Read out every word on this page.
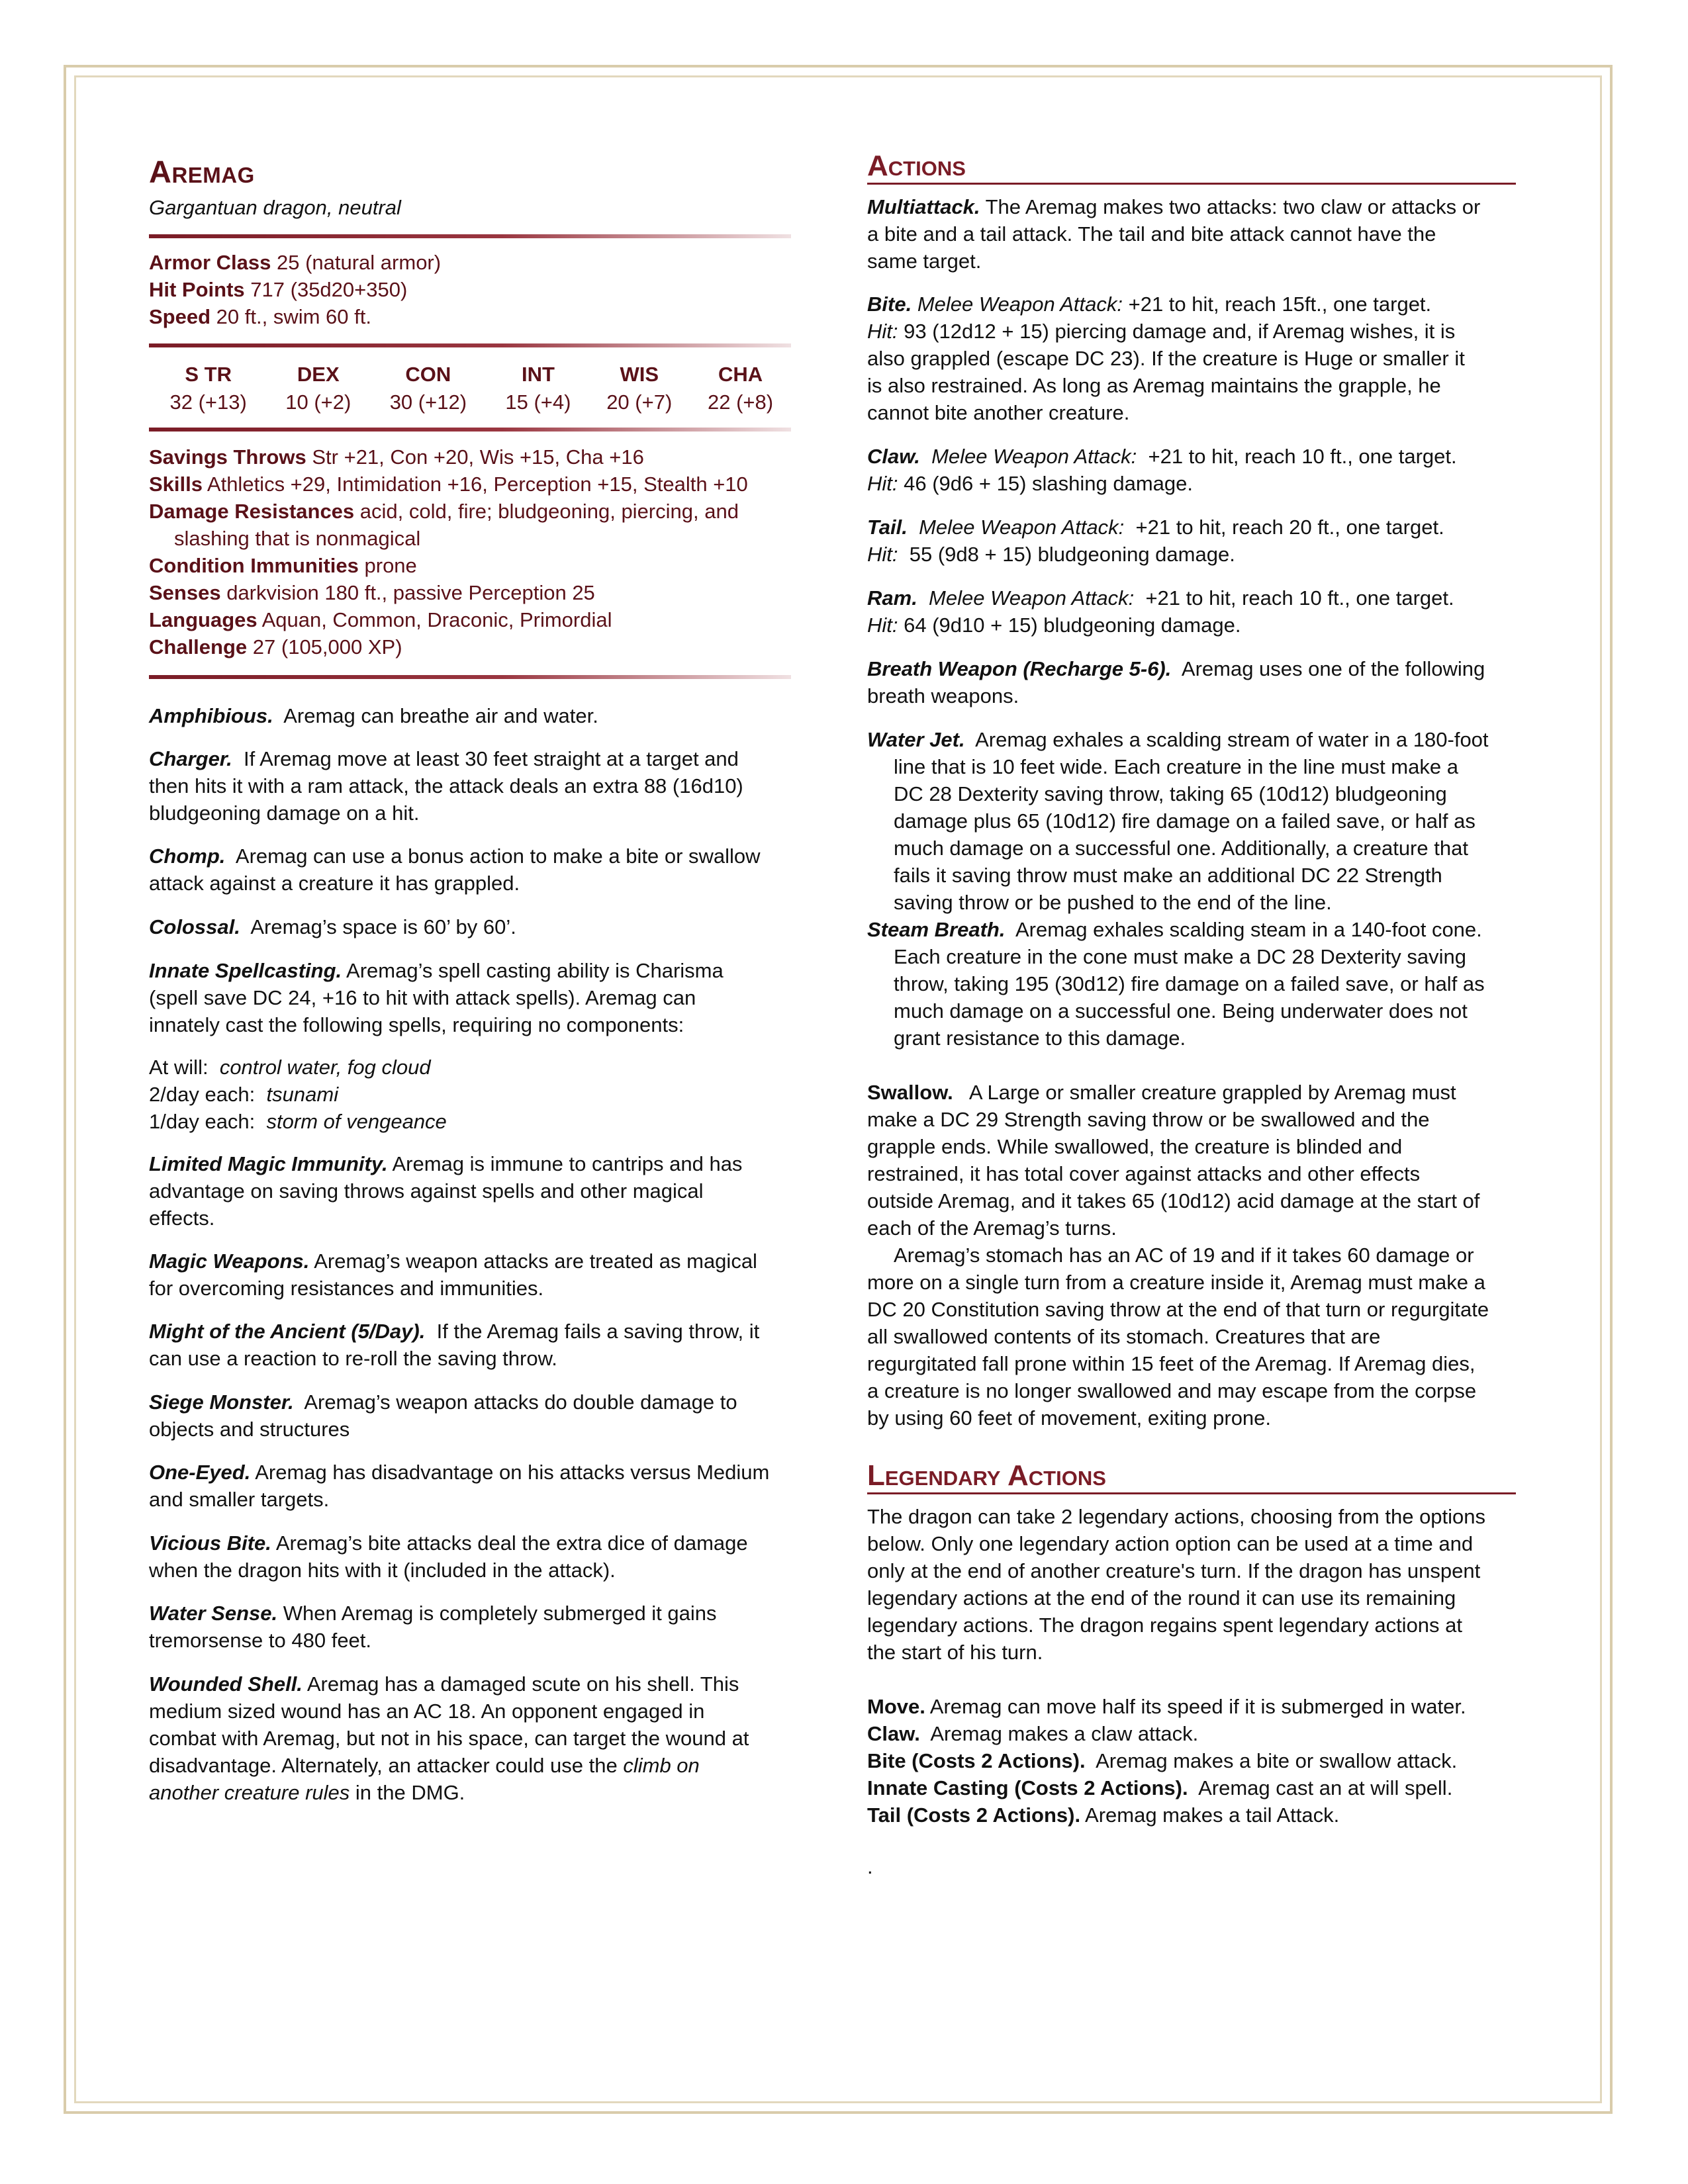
Aremag
Gargantuan dragon, neutral

Armor Class 25 (natural armor)

Hit Points 717 (35d20+350)

Speed 20 ft., swim 60 ft.

S TR	DEX	CON	INT	WIS	CHA
32 (+13)	10 (+2)	30 (+12)	15 (+4)	20 (+7)	22 (+8)

Savings Throws Str +21, Con +20, Wis +15, Cha +16

Skills Athletics +29, Intimidation +16, Perception +15, Stealth +10

Damage Resistances acid, cold, fire; bludgeoning, piercing, and

slashing that is nonmagical

Condition Immunities prone

Senses darkvision 180 ft., passive Perception 25

Languages Aquan, Common, Draconic, Primordial

Challenge 27 (105,000 XP)

Amphibious. Aremag can breathe air and water.

Charger. If Aremag move at least 30 feet straight at a target and

then hits it with a ram attack, the attack deals an extra 88 (16d10)

bludgeoning damage on a hit.

Chomp. Aremag can use a bonus action to make a bite or swallow

attack against a creature it has grappled.

Colossal. Aremag’s space is 60’ by 60’.

Innate Spellcasting. Aremag’s spell casting ability is Charisma

(spell save DC 24, +16 to hit with attack spells). Aremag can

innately cast the following spells, requiring no components:

At will: control water, fog cloud

2/day each: tsunami

1/day each: storm of vengeance

Limited Magic Immunity. Aremag is immune to cantrips and has

advantage on saving throws against spells and other magical

effects.

Magic Weapons. Aremag’s weapon attacks are treated as magical

for overcoming resistances and immunities.

Might of the Ancient (5/Day). If the Aremag fails a saving throw, it

can use a reaction to re-roll the saving throw.

Siege Monster. Aremag’s weapon attacks do double damage to

objects and structures

One-Eyed. Aremag has disadvantage on his attacks versus Medium

and smaller targets.

Vicious Bite. Aremag’s bite attacks deal the extra dice of damage

when the dragon hits with it (included in the attack).

Water Sense. When Aremag is completely submerged it gains

tremorsense to 480 feet.

Wounded Shell. Aremag has a damaged scute on his shell. This

medium sized wound has an AC 18. An opponent engaged in

combat with Aremag, but not in his space, can target the wound at

disadvantage. Alternately, an attacker could use the climb on

another creature rules in the DMG.

Actions

Multiattack. The Aremag makes two attacks: two claw or attacks or

a bite and a tail attack. The tail and bite attack cannot have the

same target.

Bite. Melee Weapon Attack: +21 to hit, reach 15ft., one target.

Hit: 93 (12d12 + 15) piercing damage and, if Aremag wishes, it is

also grappled (escape DC 23). If the creature is Huge or smaller it

is also restrained. As long as Aremag maintains the grapple, he

cannot bite another creature.

Claw. Melee Weapon Attack: +21 to hit, reach 10 ft., one target.

Hit: 46 (9d6 + 15) slashing damage.

Tail. Melee Weapon Attack: +21 to hit, reach 20 ft., one target.

Hit: 55 (9d8 + 15) bludgeoning damage.

Ram. Melee Weapon Attack: +21 to hit, reach 10 ft., one target.

Hit: 64 (9d10 + 15) bludgeoning damage.

Breath Weapon (Recharge 5-6). Aremag uses one of the following

breath weapons.

Water Jet. Aremag exhales a scalding stream of water in a 180-foot

line that is 10 feet wide. Each creature in the line must make a

DC 28 Dexterity saving throw, taking 65 (10d12) bludgeoning

damage plus 65 (10d12) fire damage on a failed save, or half as

much damage on a successful one. Additionally, a creature that

fails it saving throw must make an additional DC 22 Strength

saving throw or be pushed to the end of the line.

Steam Breath. Aremag exhales scalding steam in a 140-foot cone.

Each creature in the cone must make a DC 28 Dexterity saving

throw, taking 195 (30d12) fire damage on a failed save, or half as

much damage on a successful one. Being underwater does not

grant resistance to this damage.

Swallow. A Large or smaller creature grappled by Aremag must

make a DC 29 Strength saving throw or be swallowed and the

grapple ends. While swallowed, the creature is blinded and

restrained, it has total cover against attacks and other effects

outside Aremag, and it takes 65 (10d12) acid damage at the start of

each of the Aremag’s turns.

Aremag’s stomach has an AC of 19 and if it takes 60 damage or

more on a single turn from a creature inside it, Aremag must make a

DC 20 Constitution saving throw at the end of that turn or regurgitate

all swallowed contents of its stomach. Creatures that are

regurgitated fall prone within 15 feet of the Aremag. If Aremag dies,

a creature is no longer swallowed and may escape from the corpse

by using 60 feet of movement, exiting prone.

Legendary Actions

The dragon can take 2 legendary actions, choosing from the options

below. Only one legendary action option can be used at a time and

only at the end of another creature's turn. If the dragon has unspent

legendary actions at the end of the round it can use its remaining

legendary actions. The dragon regains spent legendary actions at

the start of his turn.

Move. Aremag can move half its speed if it is submerged in water.

Claw. Aremag makes a claw attack.

Bite (Costs 2 Actions). Aremag makes a bite or swallow attack.

Innate Casting (Costs 2 Actions). Aremag cast an at will spell.

Tail (Costs 2 Actions). Aremag makes a tail Attack.

.
